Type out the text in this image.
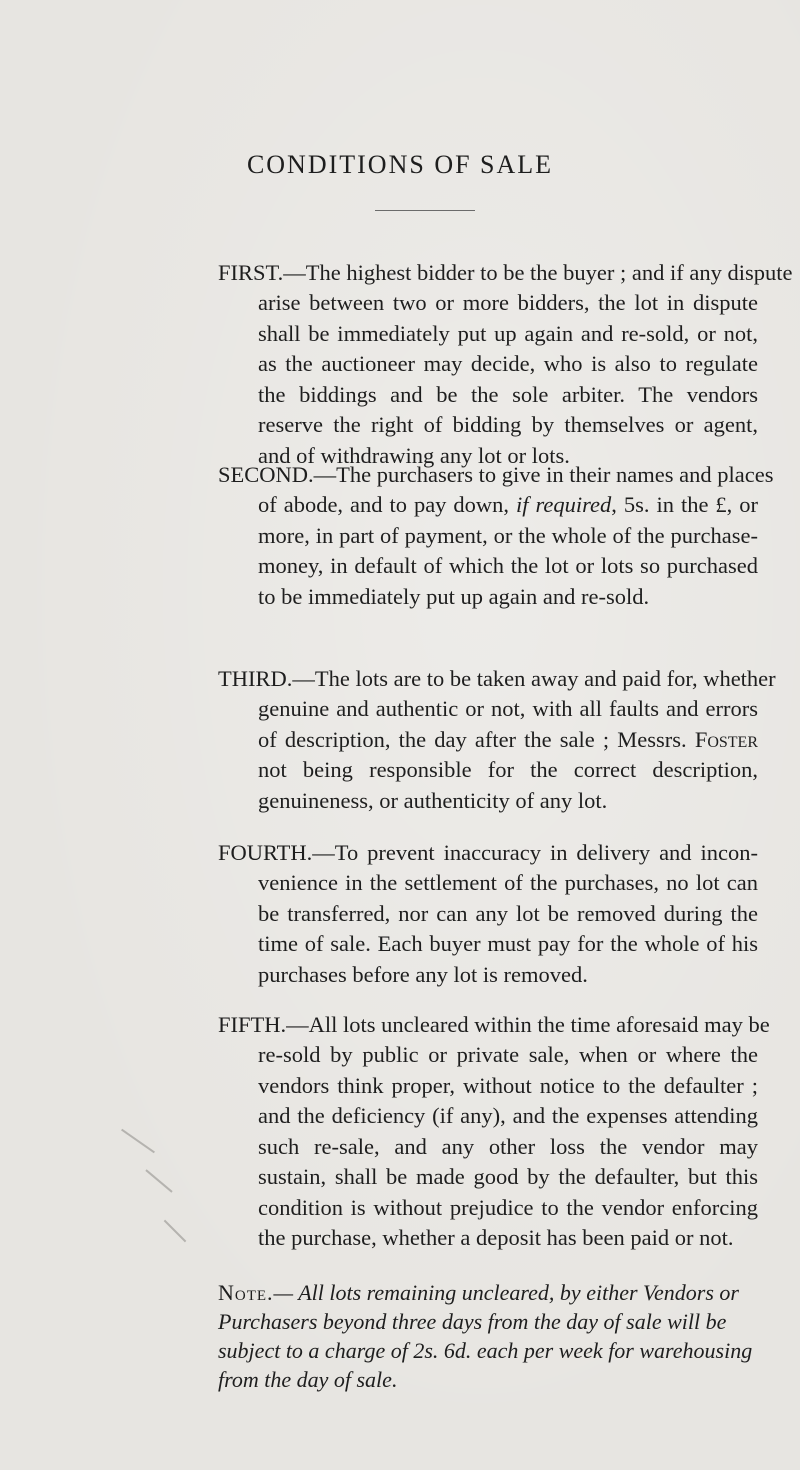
CONDITIONS OF SALE
FIRST.—The highest bidder to be the buyer ; and if any dispute

arise between two or more bidders, the lot in dispute shall be immediately put up again and re-sold, or not, as the auctioneer may decide, who is also to regulate the biddings and be the sole arbiter. The vendors reserve the right of bidding by themselves or agent, and of withdrawing any lot or lots.

SECOND.—The purchasers to give in their names and places

of abode, and to pay down, if required, 5s. in the £, or more, in part of payment, or the whole of the purchase-money, in default of which the lot or lots so purchased to be immediately put up again and re-sold.

THIRD.—The lots are to be taken away and paid for, whether

genuine and authentic or not, with all faults and errors of description, the day after the sale ; Messrs. Foster not being responsible for the correct description, genuineness, or authenticity of any lot.

FOURTH.—To prevent inaccuracy in delivery and incon-

venience in the settlement of the purchases, no lot can be transferred, nor can any lot be removed during the time of sale. Each buyer must pay for the whole of his purchases before any lot is removed.

FIFTH.—All lots uncleared within the time aforesaid may be

re-sold by public or private sale, when or where the vendors think proper, without notice to the defaulter ; and the deficiency (if any), and the expenses attending such re-sale, and any other loss the vendor may sustain, shall be made good by the defaulter, but this condition is without prejudice to the vendor enforcing the purchase, whether a deposit has been paid or not.

Note.— All lots remaining uncleared, by either Vendors or Purchasers beyond three days from the day of sale will be subject to a charge of 2s. 6d. each per week for warehousing from the day of sale.
